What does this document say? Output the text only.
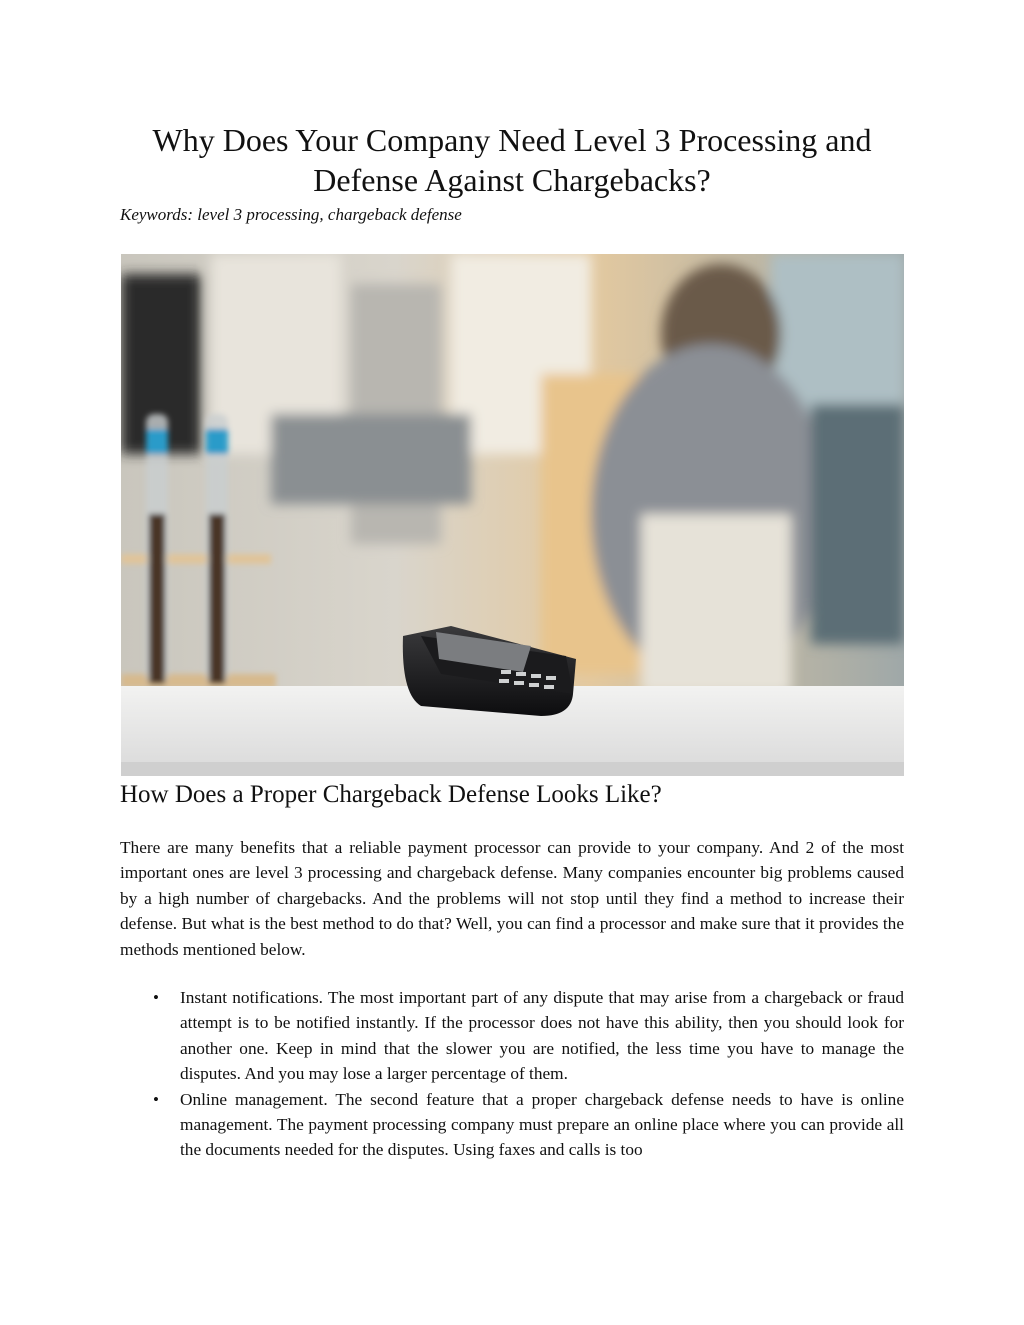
Why Does Your Company Need Level 3 Processing and Defense Against Chargebacks?
Keywords: level 3 processing, chargeback defense
How Does a Proper Chargeback Defense Looks Like?

There are many benefits that a reliable payment processor can provide to your company. And 2 of the most important ones are level 3 processing and chargeback defense. Many companies encounter big problems caused by a high number of chargebacks. And the problems will not stop until they find a method to increase their defense. But what is the best method to do that? Well, you can find a processor and make sure that it provides the methods mentioned below.

• Instant notifications. The most important part of any dispute that may arise from a chargeback or fraud attempt is to be notified instantly. If the processor does not have this ability, then you should look for another one. Keep in mind that the slower you are notified, the less time you have to manage the disputes. And you may lose a larger percentage of them.
• Online management. The second feature that a proper chargeback defense needs to have is online management. The payment processing company must prepare an online place where you can provide all the documents needed for the disputes. Using faxes and calls is too
